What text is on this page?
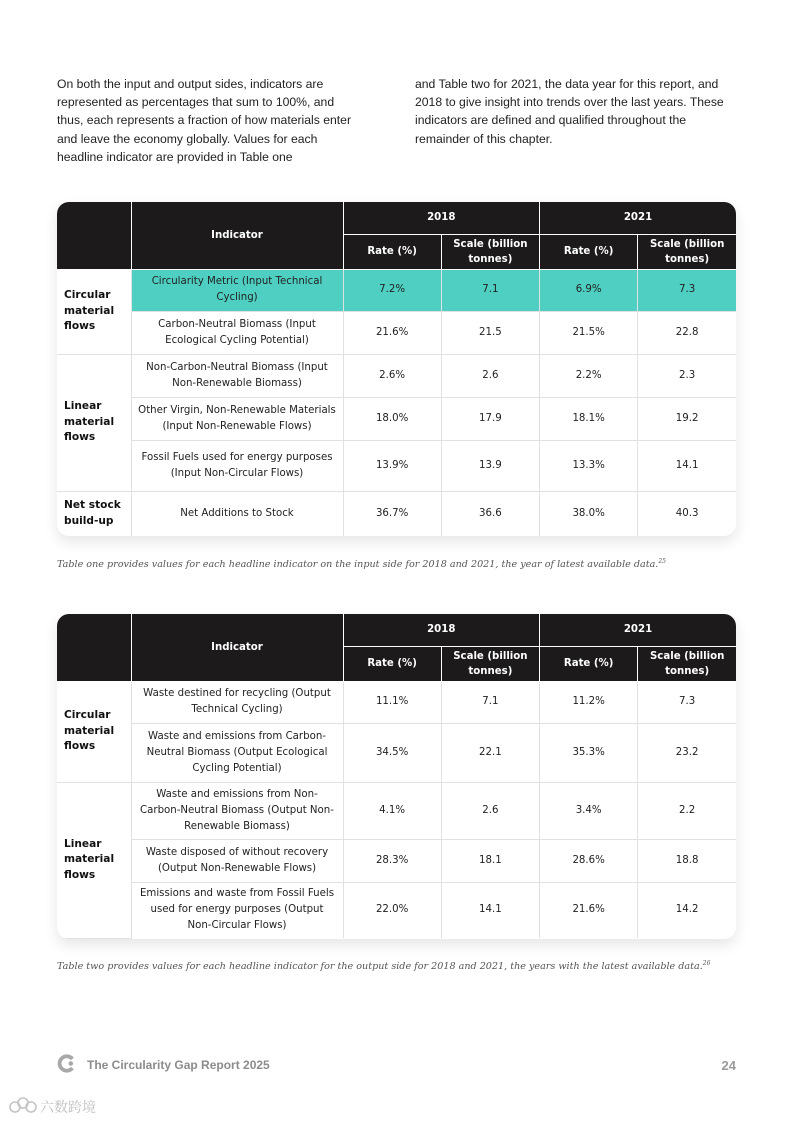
On both the input and output sides, indicators are represented as percentages that sum to 100%, and thus, each represents a fraction of how materials enter and leave the economy globally. Values for each headline indicator are provided in Table one

and Table two for 2021, the data year for this report, and 2018 to give insight into trends over the last years. These indicators are defined and qualified throughout the remainder of this chapter.

	Indicator	2018		2021	
		Rate (%)	Scale (billion tonnes)	Rate (%)	Scale (billion tonnes)
Circular material flows	Circularity Metric (Input Technical Cycling)	7.2%	7.1	6.9%	7.3
	Carbon-Neutral Biomass (Input Ecological Cycling Potential)	21.6%	21.5	21.5%	22.8
Linear material flows	Non-Carbon-Neutral Biomass (Input Non-Renewable Biomass)	2.6%	2.6	2.2%	2.3
	Other Virgin, Non-Renewable Materials (Input Non-Renewable Flows)	18.0%	17.9	18.1%	19.2
	Fossil Fuels used for energy purposes (Input Non-Circular Flows)	13.9%	13.9	13.3%	14.1
Net stock build-up	Net Additions to Stock	36.7%	36.6	38.0%	40.3

Table one provides values for each headline indicator on the input side for 2018 and 2021, the year of latest available data.$^{25}$

	Indicator	2018		2021	
		Rate (%)	Scale (billion tonnes)	Rate (%)	Scale (billion tonnes)
Circular material flows	Waste destined for recycling (Output Technical Cycling)	11.1%	7.1	11.2%	7.3
	Waste and emissions from Carbon-Neutral Biomass (Output Ecological Cycling Potential)	34.5%	22.1	35.3%	23.2
Linear material flows	Waste and emissions from Non-Carbon-Neutral Biomass (Output Non-Renewable Biomass)	4.1%	2.6	3.4%	2.2
	Waste disposed of without recovery (Output Non-Renewable Flows)	28.3%	18.1	28.6%	18.8
	Emissions and waste from Fossil Fuels used for energy purposes (Output Non-Circular Flows)	22.0%	14.1	21.6%	14.2

Table two provides values for each headline indicator for the output side for 2018 and 2021, the years with the latest available data.$^{26}$

The Circularity Gap Report 2025	24
六数跨境
